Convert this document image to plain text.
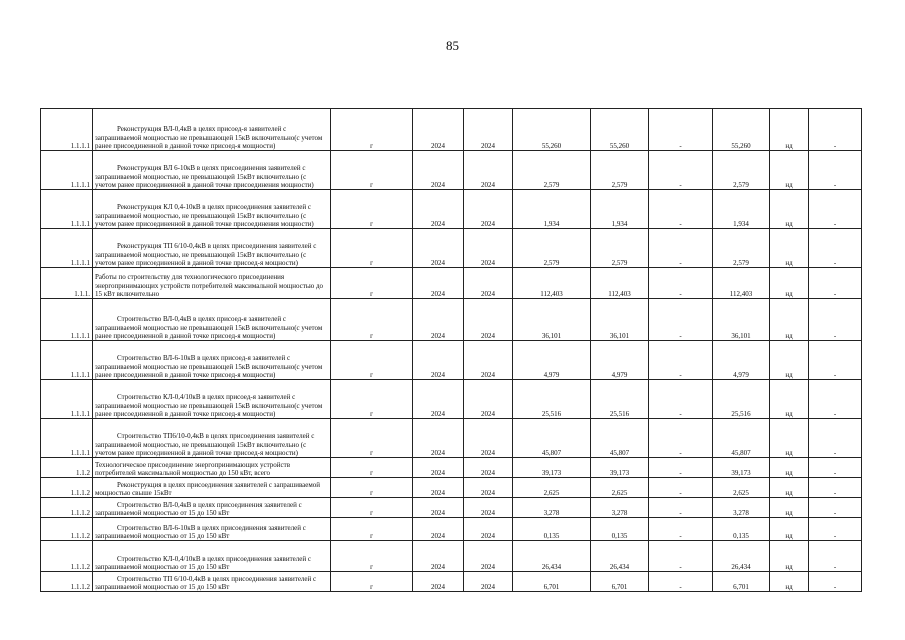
85
1.1.1.1	Реконструкция ВЛ-0,4кВ в целях присоед-я заявителей с запрашиваемой мощностью не превышающей 15кВ включительно(с учетом ранее присоединенной в данной точке присоед-я мощности)	г	2024	2024	55,260	55,260	-	55,260	нд	-
1.1.1.1	Реконструкция ВЛ 6-10кВ в целях присоединения заявителей с запрашиваемой мощностью, не превышающей 15кВт включительно (с учетом ранее присоединенной в данной точке присоединения мощности)	г	2024	2024	2,579	2,579	-	2,579	нд	-
1.1.1.1	Реконструкция КЛ 0,4-10кВ в целях присоединения заявителей с запрашиваемой мощностью, не превышающей 15кВт включительно (с учетом ранее присоединенной в данной точке присоединения мощности)	г	2024	2024	1,934	1,934	-	1,934	нд	-
1.1.1.1	Реконструкция ТП 6/10-0,4кВ в целях присоединения заявителей с запрашиваемой мощностью, не превышающей 15кВт включительно (с учетом ранее присоединенной в данной точке присоед-я мощности)	г	2024	2024	2,579	2,579	-	2,579	нд	-
1.1.1.	Работы по строительству для технологического присоединения энергопринимающих устройств потребителей максимальной мощностью до 15 кВт включительно	г	2024	2024	112,403	112,403	-	112,403	нд	-
1.1.1.1	Строительство ВЛ-0,4кВ в целях присоед-я заявителей с запрашиваемой мощностью не превышающей 15кВ включительно(с учетом ранее присоединенной в данной точке присоед-я мощности)	г	2024	2024	36,101	36,101	-	36,101	нд	-
1.1.1.1	Строительство ВЛ-6-10кВ в целях присоед-я заявителей с запрашиваемой мощностью не превышающей 15кВ включительно(с учетом ранее присоединенной в данной точке присоед-я мощности)	г	2024	2024	4,979	4,979	-	4,979	нд	-
1.1.1.1	Строительство КЛ-0,4/10кВ в целях присоед-я заявителей с запрашиваемой мощностью не превышающей 15кВ включительно(с учетом ранее присоединенной в данной точке присоед-я мощности)	г	2024	2024	25,516	25,516	-	25,516	нд	-
1.1.1.1	Строительство ТП6/10-0,4кВ в целях присоединения заявителей с запрашиваемой мощностью, не превышающей 15кВт включительно (с учетом ранее присоединенной в данной точке присоед-я мощности)	г	2024	2024	45,807	45,807	-	45,807	нд	-
1.1.2	Технологическое присоединение энергопринимающих устройств потребителей максимальной мощностью до 150 кВт, всего	г	2024	2024	39,173	39,173	-	39,173	нд	-
1.1.1.2	Реконструкция в целях присоединения заявителей с запрашиваемой мощностью свыше 15кВт	г	2024	2024	2,625	2,625	-	2,625	нд	-
1.1.1.2	Строительство ВЛ-0,4кВ в целях присоединения заявителей с запрашиваемой мощностью от 15 до 150 кВт	г	2024	2024	3,278	3,278	-	3,278	нд	-
1.1.1.2	Строительство ВЛ-6-10кВ в целях присоединения заявителей с запрашиваемой мощностью от 15 до 150 кВт	г	2024	2024	0,135	0,135	-	0,135	нд	-
1.1.1.2	Строительство КЛ-0,4/10кВ в целях присоединения заявителей с запрашиваемой мощностью от 15 до 150 кВт	г	2024	2024	26,434	26,434	-	26,434	нд	-
1.1.1.2	Строительство ТП 6/10-0,4кВ в целях присоединения заявителей с запрашиваемой мощностью от 15 до 150 кВт	г	2024	2024	6,701	6,701	-	6,701	нд	-
